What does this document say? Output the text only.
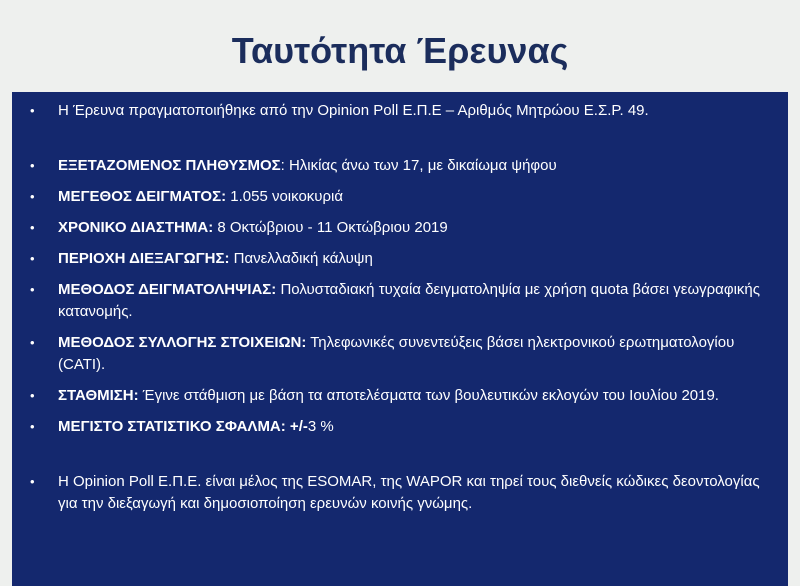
Ταυτότητα Έρευνας
• Η Έρευνα πραγματοποιήθηκε από την Opinion Poll Ε.Π.Ε – Αριθμός Μητρώου Ε.Σ.Ρ. 49.
• ΕΞΕΤΑΖΟΜΕΝΟΣ ΠΛΗΘΥΣΜΟΣ: Ηλικίας άνω των 17, με δικαίωμα ψήφου
• ΜΕΓΕΘΟΣ ΔΕΙΓΜΑΤΟΣ: 1.055 νοικοκυριά
• ΧΡΟΝΙΚΟ ΔΙΑΣΤΗΜΑ: 8 Οκτώβριου - 11 Οκτώβριου 2019
• ΠΕΡΙΟΧΗ ΔΙΕΞΑΓΩΓΗΣ: Πανελλαδική κάλυψη
• ΜΕΘΟΔΟΣ ΔΕΙΓΜΑΤΟΛΗΨΙΑΣ: Πολυσταδιακή τυχαία δειγματοληψία με χρήση quota βάσει γεωγραφικής κατανομής.
• ΜΕΘΟΔΟΣ ΣΥΛΛΟΓΗΣ ΣΤΟΙΧΕΙΩΝ: Τηλεφωνικές συνεντεύξεις βάσει ηλεκτρονικού ερωτηματολογίου (CATI).
• ΣΤΑΘΜΙΣΗ: Έγινε στάθμιση με βάση τα αποτελέσματα των βουλευτικών εκλογών του Ιουλίου 2019.
• ΜΕΓΙΣΤΟ ΣΤΑΤΙΣΤΙΚΟ ΣΦΑΛΜΑ: +/-3 %
• Η Opinion Poll Ε.Π.Ε. είναι μέλος της ESOMAR, της WAPOR και τηρεί τους διεθνείς κώδικες δεοντολογίας για την διεξαγωγή και δημοσιοποίηση ερευνών κοινής γνώμης.
